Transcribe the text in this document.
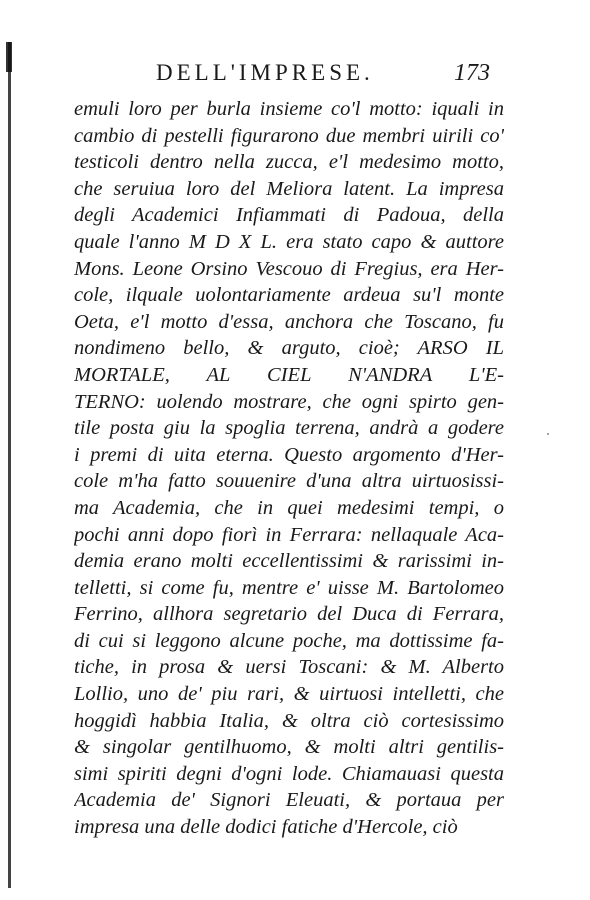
DELL'IMPRESE.	173
emuli loro per burla insieme co'l motto: iquali in
cambio di pestelli figurarono due membri uirili co'
testicoli dentro nella zucca, e'l medesimo motto,
che seruiua loro del Meliora latent. La impresa
degli Academici Infiammati di Padoua, della
quale l'anno M D X L. era stato capo & auttore
Mons. Leone Orsino Vescouo di Fregius, era Her-
cole, ilquale uolontariamente ardeua su'l monte
Oeta, e'l motto d'essa, anchora che Toscano, fu
nondimeno bello, & arguto, cioè; ARSO IL
MORTALE, AL CIEL N'ANDRA L'E-
TERNO: uolendo mostrare, che ogni spirto gen-
tile posta giu la spoglia terrena, andrà a godere
i premi di uita eterna. Questo argomento d'Her-
cole m'ha fatto souuenire d'una altra uirtuosissi-
ma Academia, che in quei medesimi tempi, o
pochi anni dopo fiorì in Ferrara: nellaquale Aca-
demia erano molti eccellentissimi & rarissimi in-
telletti, si come fu, mentre e' uisse M. Bartolomeo
Ferrino, allhora segretario del Duca di Ferrara,
di cui si leggono alcune poche, ma dottissime fa-
tiche, in prosa & uersi Toscani: & M. Alberto
Lollio, uno de' piu rari, & uirtuosi intelletti, che
hoggidì habbia Italia, & oltra ciò cortesissimo
& singolar gentilhuomo, & molti altri gentilis-
simi spiriti degni d'ogni lode. Chiamauasi questa
Academia de' Signori Eleuati, & portaua per
impresa una delle dodici fatiche d'Hercole, ciò
